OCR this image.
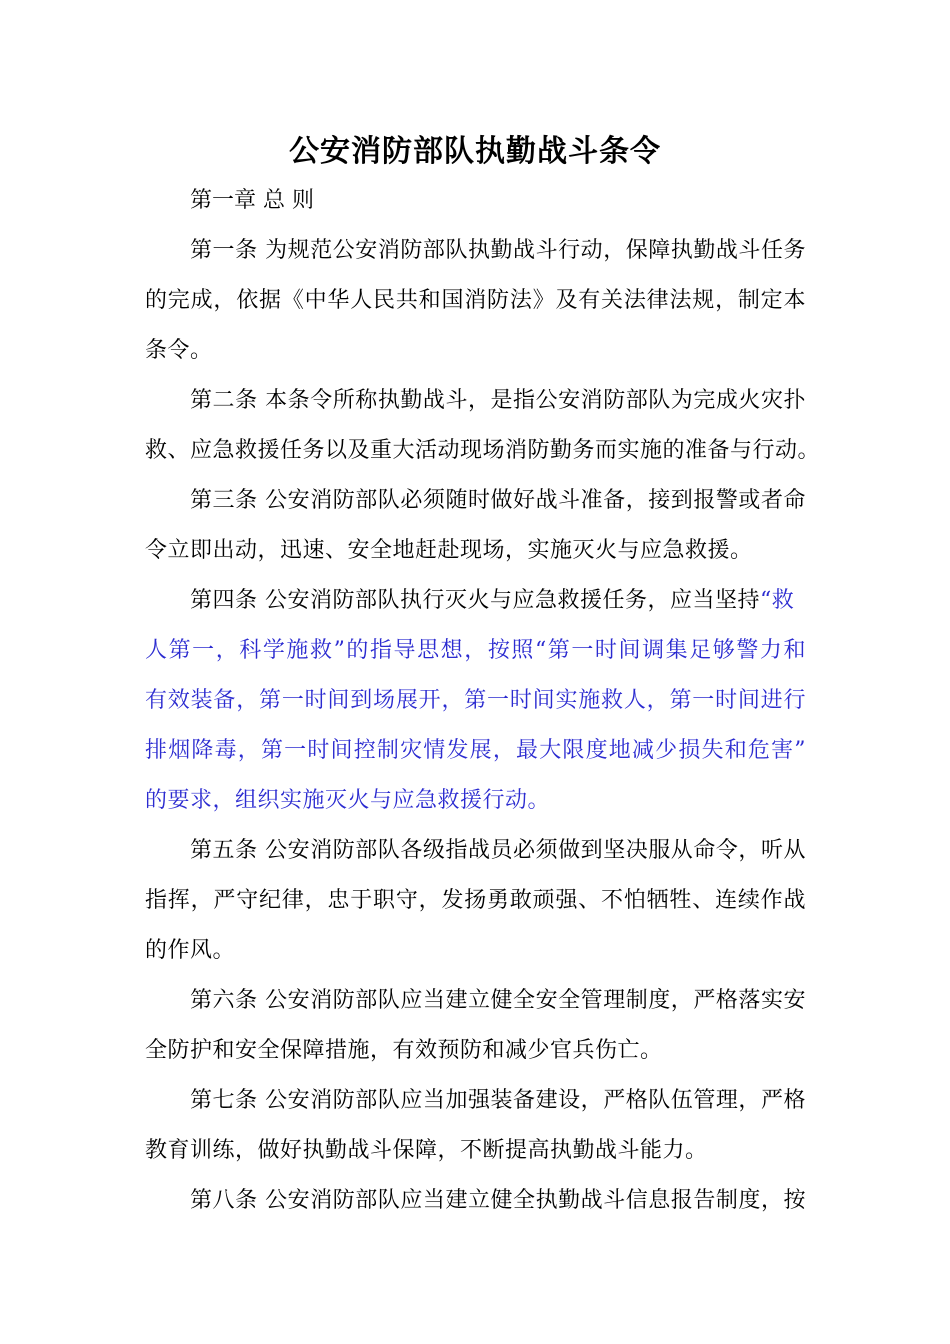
公安消防部队执勤战斗条令
第一章 总 则
第一条 为规范公安消防部队执勤战斗行动，保障执勤战斗任务
的完成，依据《中华人民共和国消防法》及有关法律法规，制定本
条令。
第二条 本条令所称执勤战斗，是指公安消防部队为完成火灾扑
救、应急救援任务以及重大活动现场消防勤务而实施的准备与行动。
第三条 公安消防部队必须随时做好战斗准备，接到报警或者命
令立即出动，迅速、安全地赶赴现场，实施灭火与应急救援。
第四条 公安消防部队执行灭火与应急救援任务，应当坚持“救
人第一，科学施救”的指导思想，按照“第一时间调集足够警力和
有效装备，第一时间到场展开，第一时间实施救人，第一时间进行
排烟降毒，第一时间控制灾情发展，最大限度地减少损失和危害”
的要求，组织实施灭火与应急救援行动。
第五条 公安消防部队各级指战员必须做到坚决服从命令，听从
指挥，严守纪律，忠于职守，发扬勇敢顽强、不怕牺牲、连续作战
的作风。
第六条 公安消防部队应当建立健全安全管理制度，严格落实安
全防护和安全保障措施，有效预防和减少官兵伤亡。
第七条 公安消防部队应当加强装备建设，严格队伍管理，严格
教育训练，做好执勤战斗保障，不断提高执勤战斗能力。
第八条 公安消防部队应当建立健全执勤战斗信息报告制度，按
